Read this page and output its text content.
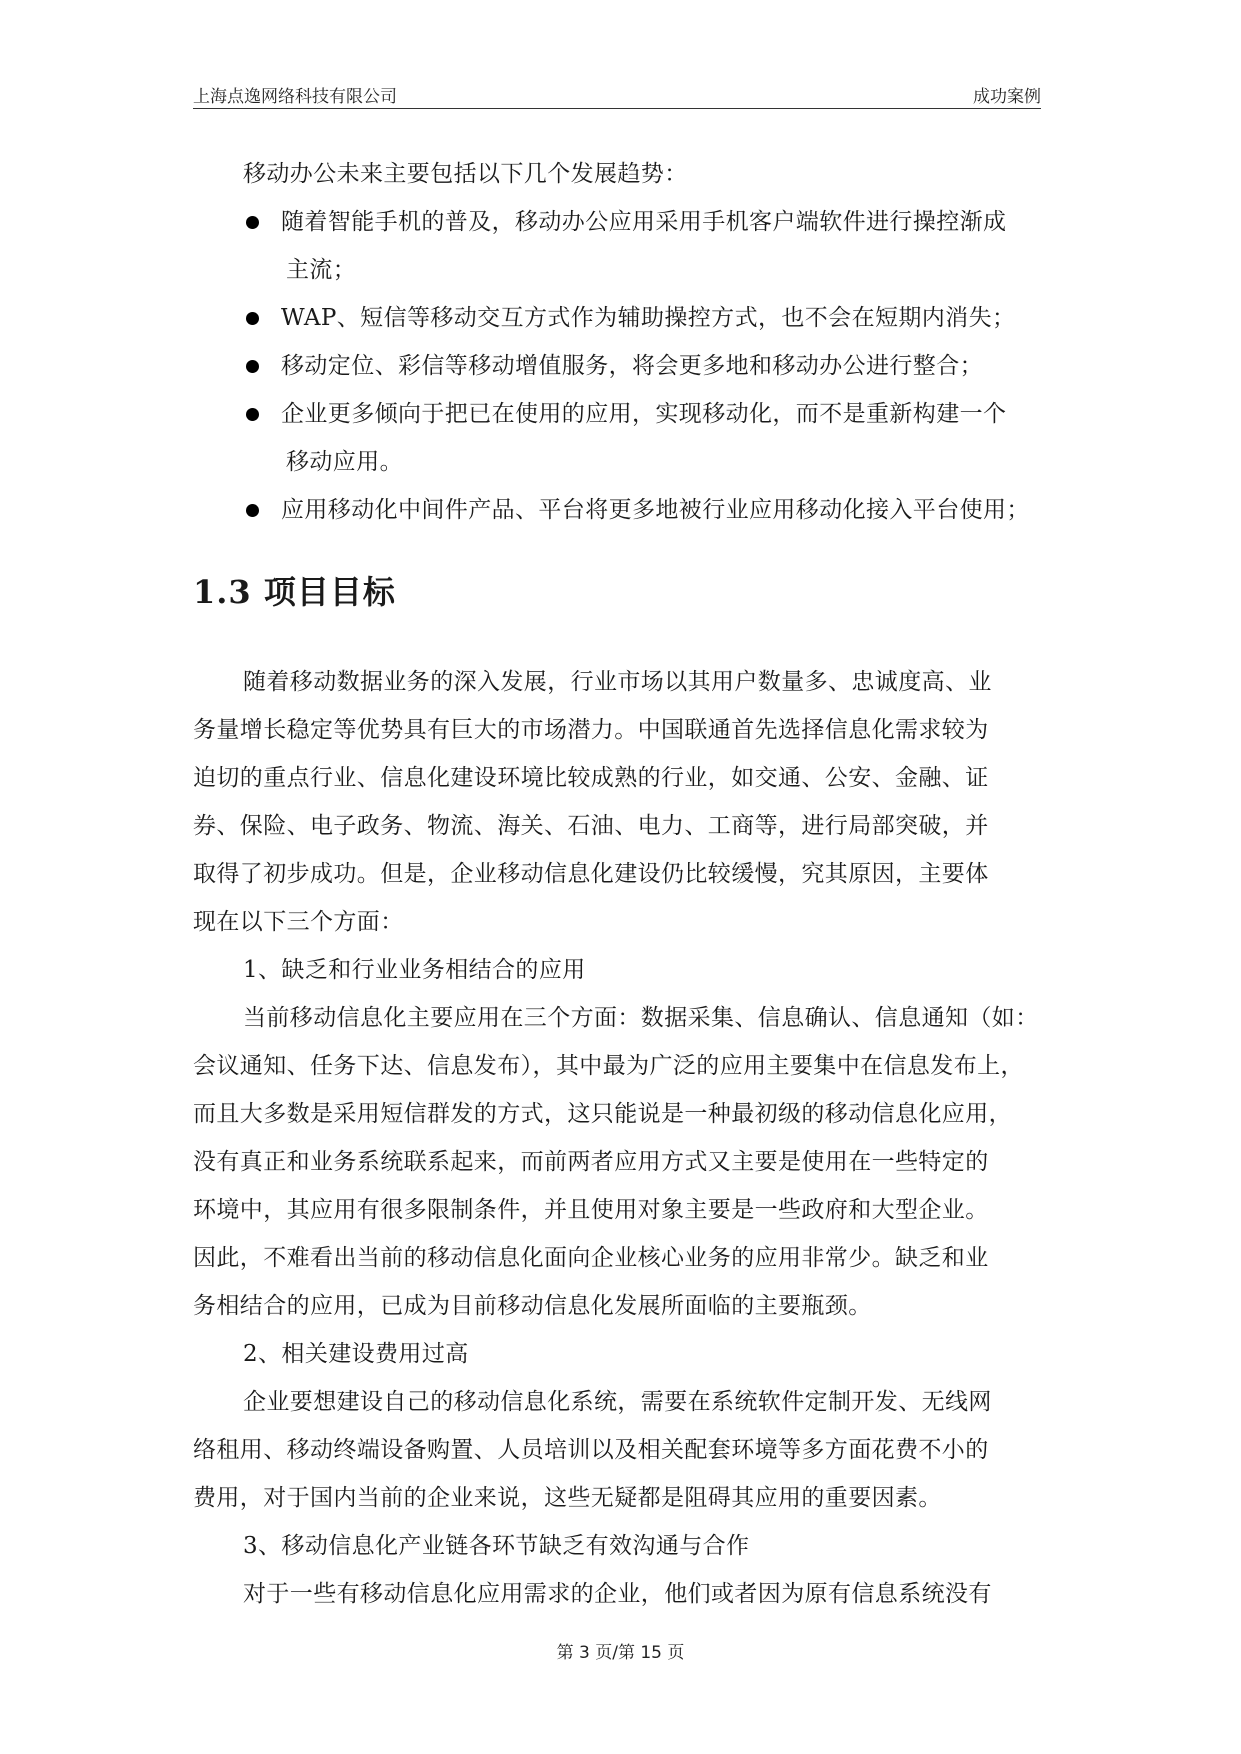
上海点逸网络科技有限公司	成功案例

移动办公未来主要包括以下几个发展趋势：

随着智能手机的普及，移动办公应用采用手机客户端软件进行操控渐成
主流；
WAP、短信等移动交互方式作为辅助操控方式，也不会在短期内消失；
移动定位、彩信等移动增值服务，将会更多地和移动办公进行整合；
企业更多倾向于把已在使用的应用，实现移动化，而不是重新构建一个
移动应用。
应用移动化中间件产品、平台将更多地被行业应用移动化接入平台使用；
1.3 项目目标

随着移动数据业务的深入发展，行业市场以其用户数量多、忠诚度高、业

务量增长稳定等优势具有巨大的市场潜力。中国联通首先选择信息化需求较为

迫切的重点行业、信息化建设环境比较成熟的行业，如交通、公安、金融、证

券、保险、电子政务、物流、海关、石油、电力、工商等，进行局部突破，并

取得了初步成功。但是，企业移动信息化建设仍比较缓慢，究其原因，主要体

现在以下三个方面：

1、缺乏和行业业务相结合的应用

当前移动信息化主要应用在三个方面：数据采集、信息确认、信息通知（如：

会议通知、任务下达、信息发布），其中最为广泛的应用主要集中在信息发布上，

而且大多数是采用短信群发的方式，这只能说是一种最初级的移动信息化应用，

没有真正和业务系统联系起来，而前两者应用方式又主要是使用在一些特定的

环境中，其应用有很多限制条件，并且使用对象主要是一些政府和大型企业。

因此，不难看出当前的移动信息化面向企业核心业务的应用非常少。缺乏和业

务相结合的应用，已成为目前移动信息化发展所面临的主要瓶颈。

2、相关建设费用过高

企业要想建设自己的移动信息化系统，需要在系统软件定制开发、无线网

络租用、移动终端设备购置、人员培训以及相关配套环境等多方面花费不小的

费用，对于国内当前的企业来说，这些无疑都是阻碍其应用的重要因素。

3、移动信息化产业链各环节缺乏有效沟通与合作

对于一些有移动信息化应用需求的企业，他们或者因为原有信息系统没有

第 3 页/第 15 页
